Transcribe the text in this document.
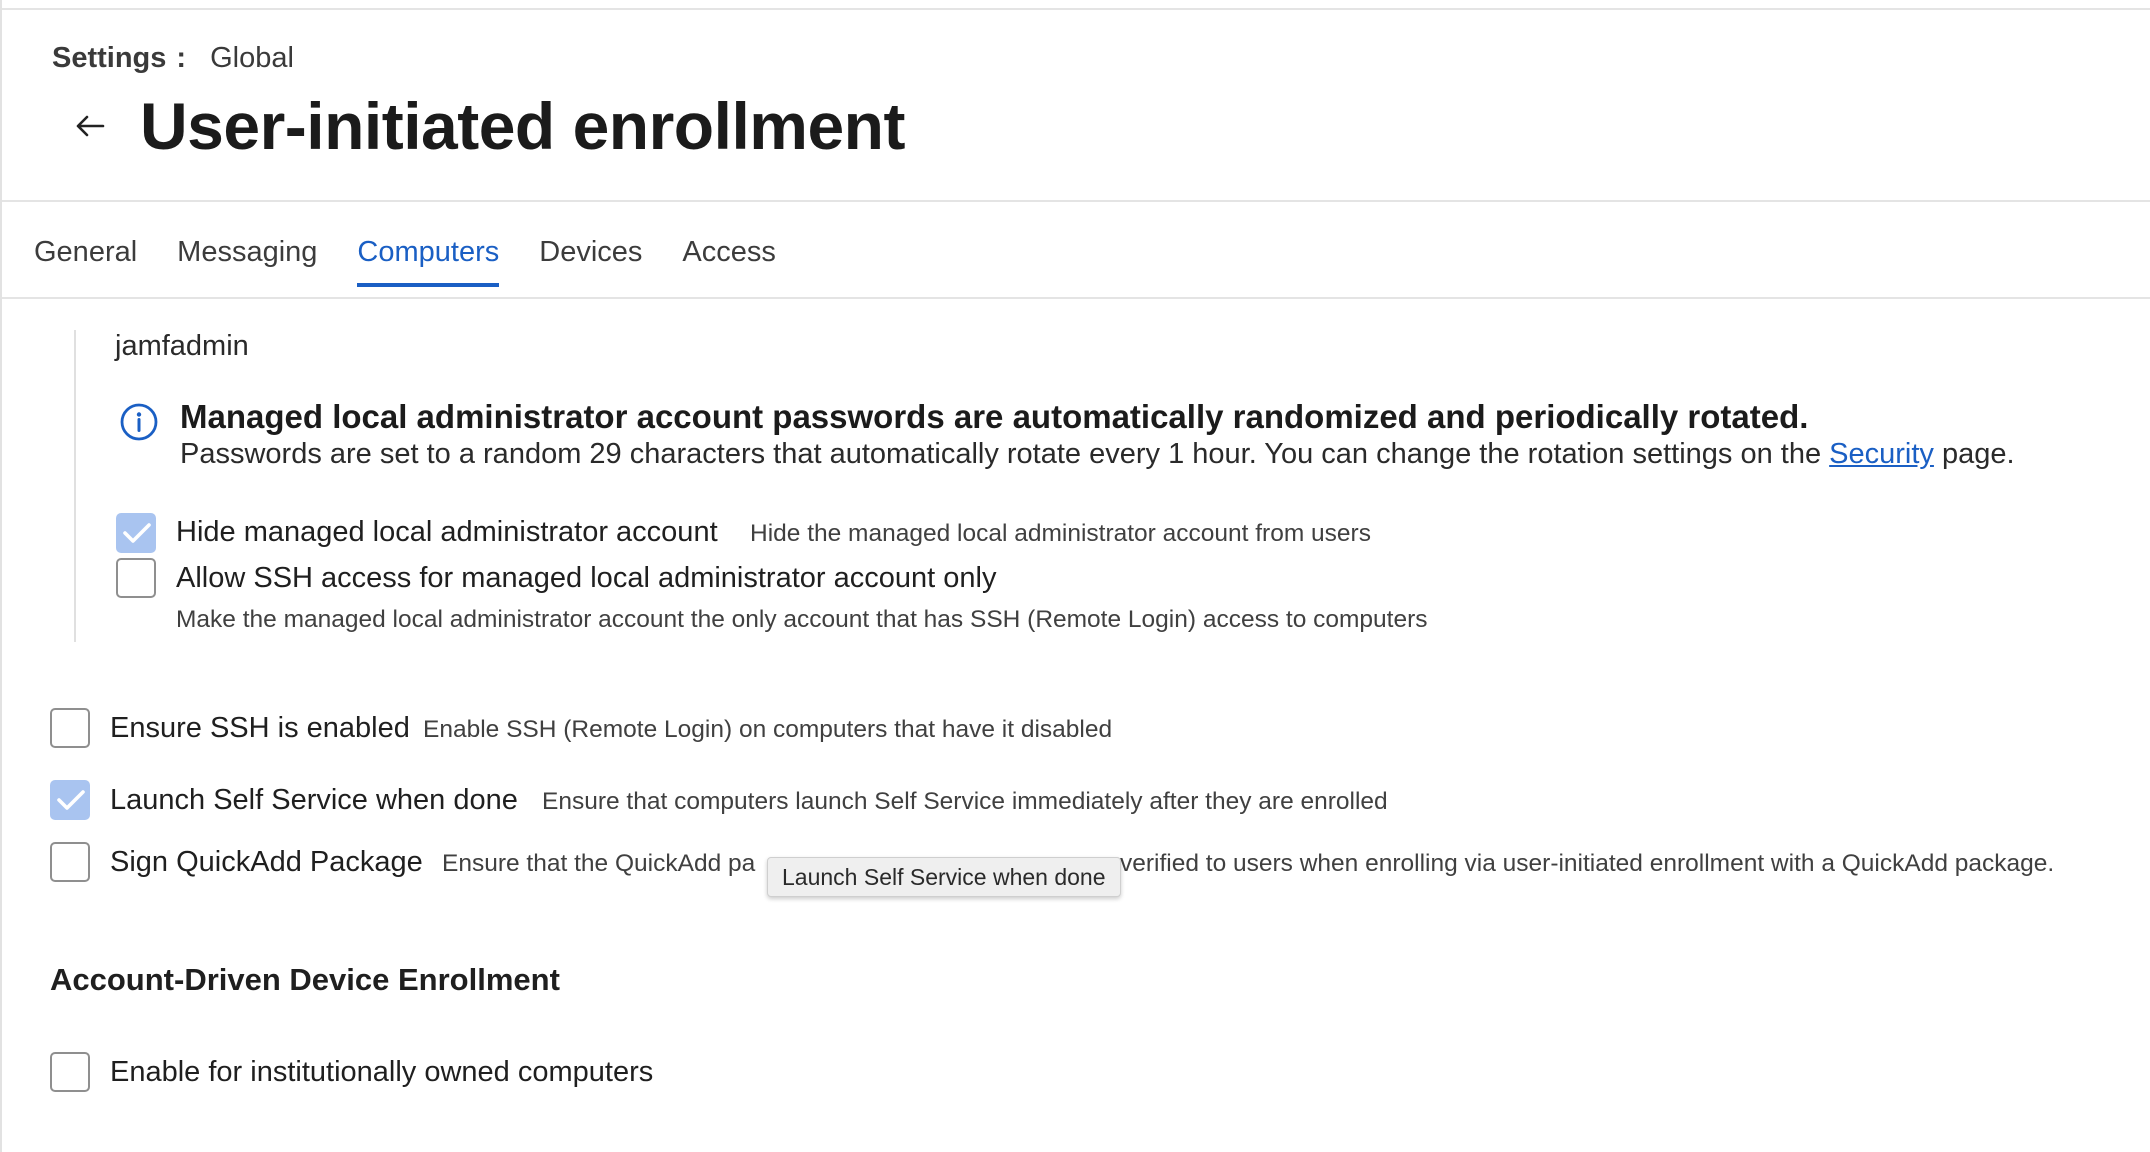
Settings : Global
User-initiated enrollment
General Messaging Computers Devices Access
jamfadmin
Managed local administrator account passwords are automatically randomized and periodically rotated.
Passwords are set to a random 29 characters that automatically rotate every 1 hour. You can change the rotation settings on the Security page.
Hide managed local administrator account Hide the managed local administrator account from users
Allow SSH access for managed local administrator account only
Make the managed local administrator account the only account that has SSH (Remote Login) access to computers
Ensure SSH is enabled Enable SSH (Remote Login) on computers that have it disabled
Launch Self Service when done Ensure that computers launch Self Service immediately after they are enrolled
Sign QuickAdd Package Ensure that the QuickAdd pa	verified to users when enrolling via user-initiated enrollment with a QuickAdd package.
Launch Self Service when done
Account-Driven Device Enrollment
Enable for institutionally owned computers
